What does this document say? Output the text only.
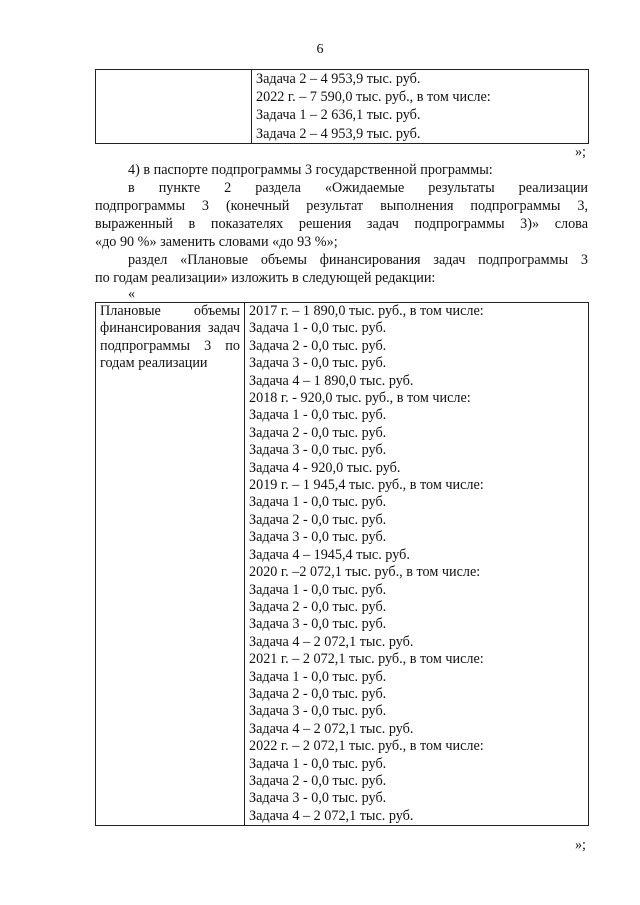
6

Задача 2 – 4 953,9 тыс. руб.
2022 г. – 7 590,0 тыс. руб., в том числе:
Задача 1 – 2 636,1 тыс. руб.
Задача 2 – 4 953,9 тыс. руб.
»;
4) в паспорте подпрограммы 3 государственной программы:
в пункте 2 раздела «Ожидаемые результаты реализации
подпрограммы 3 (конечный результат выполнения подпрограммы 3,
выраженный в показателях решения задач подпрограммы 3)» слова
«до 90 %» заменить словами «до 93 %»;
раздел «Плановые объемы финансирования задач подпрограммы 3
по годам реализации» изложить в следующей редакции:
«
Плановые объемы
финансирования задач
подпрограммы 3 по
годам реализации

2017 г. – 1 890,0 тыс. руб., в том числе:
Задача 1 - 0,0 тыс. руб.
Задача 2 - 0,0 тыс. руб.
Задача 3 - 0,0 тыс. руб.
Задача 4 – 1 890,0 тыс. руб.
2018 г. - 920,0 тыс. руб., в том числе:
Задача 1 - 0,0 тыс. руб.
Задача 2 - 0,0 тыс. руб.
Задача 3 - 0,0 тыс. руб.
Задача 4 - 920,0 тыс. руб.
2019 г. – 1 945,4 тыс. руб., в том числе:
Задача 1 - 0,0 тыс. руб.
Задача 2 - 0,0 тыс. руб.
Задача 3 - 0,0 тыс. руб.
Задача 4 – 1945,4 тыс. руб.
2020 г. –2 072,1 тыс. руб., в том числе:
Задача 1 - 0,0 тыс. руб.
Задача 2 - 0,0 тыс. руб.
Задача 3 - 0,0 тыс. руб.
Задача 4 – 2 072,1 тыс. руб.
2021 г. – 2 072,1 тыс. руб., в том числе:
Задача 1 - 0,0 тыс. руб.
Задача 2 - 0,0 тыс. руб.
Задача 3 - 0,0 тыс. руб.
Задача 4 – 2 072,1 тыс. руб.
2022 г. – 2 072,1 тыс. руб., в том числе:
Задача 1 - 0,0 тыс. руб.
Задача 2 - 0,0 тыс. руб.
Задача 3 - 0,0 тыс. руб.
Задача 4 – 2 072,1 тыс. руб.
»;
